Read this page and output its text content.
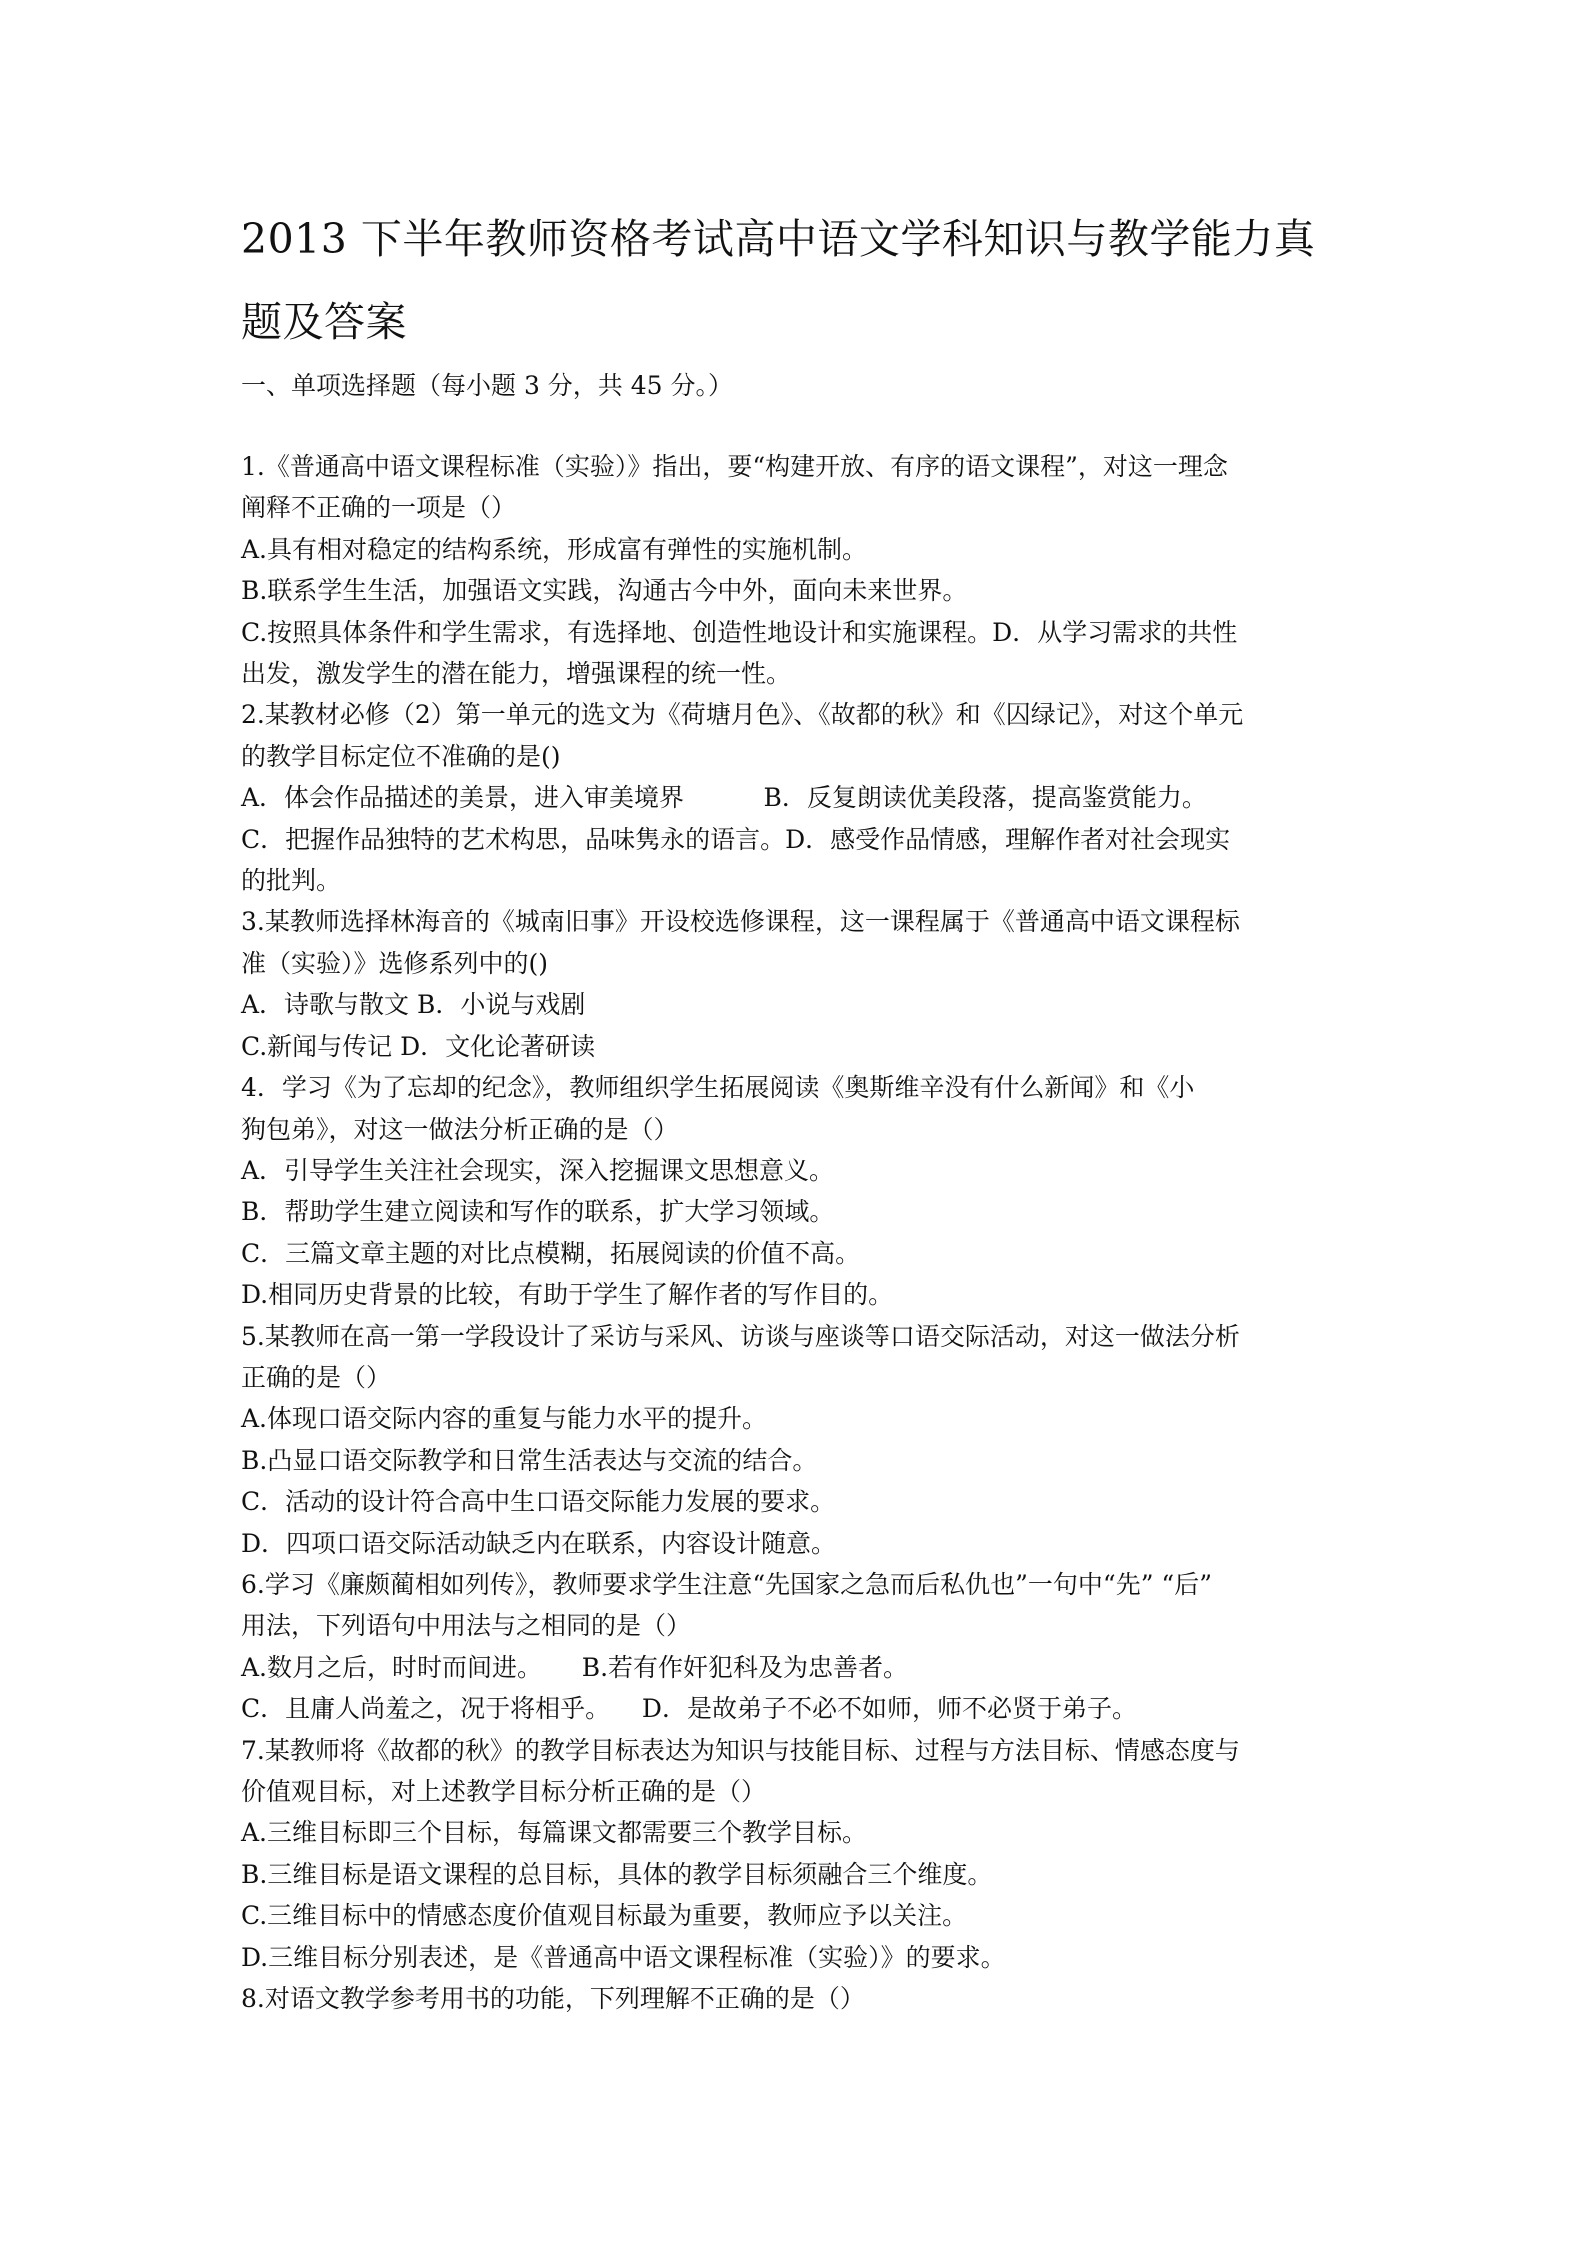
2013 下半年教师资格考试高中语文学科知识与教学能力真
题及答案
一、单项选择题（每小题 3 分，共 45 分。）

1.《普通高中语文课程标准（实验）》指出，要“构建开放、有序的语文课程”，对这一理念

阐释不正确的一项是（）

A.具有相对稳定的结构系统，形成富有弹性的实施机制。

B.联系学生生活，加强语文实践，沟通古今中外，面向未来世界。

C.按照具体条件和学生需求，有选择地、创造性地设计和实施课程。D．从学习需求的共性

出发，激发学生的潜在能力，增强课程的统一性。

2.某教材必修（2）第一单元的选文为《荷塘月色》、《故都的秋》和《囚绿记》，对这个单元

的教学目标定位不准确的是()

A．体会作品描述的美景，进入审美境界          B．反复朗读优美段落，提高鉴赏能力。

C．把握作品独特的艺术构思，品味隽永的语言。D．感受作品情感，理解作者对社会现实

的批判。

3.某教师选择林海音的《城南旧事》开设校选修课程，这一课程属于《普通高中语文课程标

准（实验）》选修系列中的()

A．诗歌与散文 B．小说与戏剧

C.新闻与传记 D．文化论著研读

4．学习《为了忘却的纪念》，教师组织学生拓展阅读《奥斯维辛没有什么新闻》和《小

狗包弟》，对这一做法分析正确的是（）

A．引导学生关注社会现实，深入挖掘课文思想意义。

B．帮助学生建立阅读和写作的联系，扩大学习领域。

C．三篇文章主题的对比点模糊，拓展阅读的价值不高。

D.相同历史背景的比较，有助于学生了解作者的写作目的。

5.某教师在高一第一学段设计了采访与采风、访谈与座谈等口语交际活动，对这一做法分析

正确的是（）

A.体现口语交际内容的重复与能力水平的提升。

B.凸显口语交际教学和日常生活表达与交流的结合。

C．活动的设计符合高中生口语交际能力发展的要求。

D．四项口语交际活动缺乏内在联系，内容设计随意。

6.学习《廉颇蔺相如列传》，教师要求学生注意“先国家之急而后私仇也”一句中“先” “后”

用法，下列语句中用法与之相同的是（）

A.数月之后，时时而间进。     B.若有作奸犯科及为忠善者。

C．且庸人尚羞之，况于将相乎。    D．是故弟子不必不如师，师不必贤于弟子。

7.某教师将《故都的秋》的教学目标表达为知识与技能目标、过程与方法目标、情感态度与

价值观目标，对上述教学目标分析正确的是（）

A.三维目标即三个目标，每篇课文都需要三个教学目标。

B.三维目标是语文课程的总目标，具体的教学目标须融合三个维度。

C.三维目标中的情感态度价值观目标最为重要，教师应予以关注。

D.三维目标分别表述，是《普通高中语文课程标准（实验）》的要求。

8.对语文教学参考用书的功能，下列理解不正确的是（）
